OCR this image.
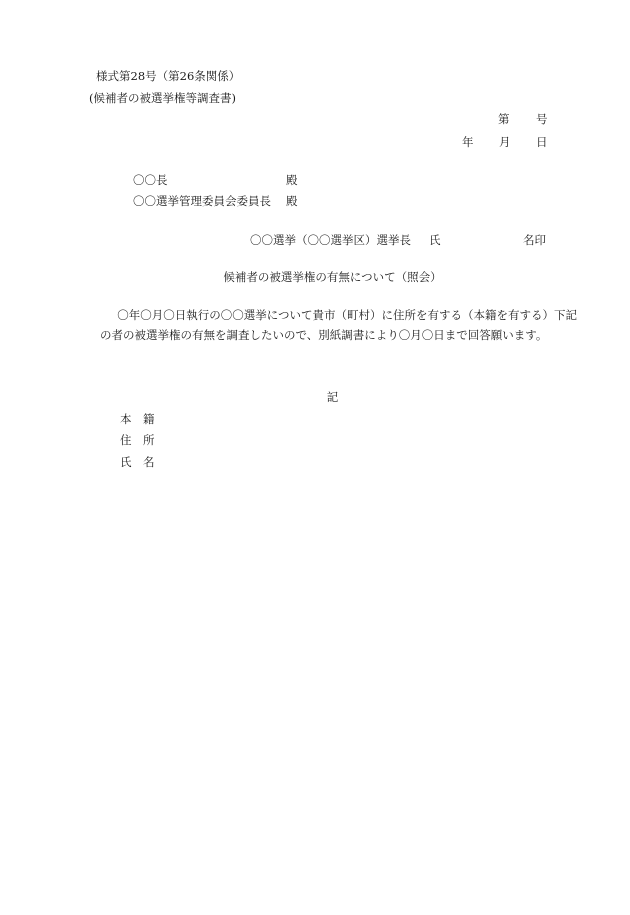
様式第28号（第26条関係）
(候補者の被選挙権等調査書)
第 号
年 月 日
〇〇長	殿
〇〇選挙管理委員会委員長 殿
〇〇選挙（〇〇選挙区）選挙長 氏	名印
候補者の被選挙権の有無について（照会）
〇年〇月〇日執行の〇〇選挙について貴市（町村）に住所を有する（本籍を有する）下記の者の被選挙権の有無を調査したいので、別紙調書により〇月〇日まで回答願います。
記
本 籍
住 所
氏 名
